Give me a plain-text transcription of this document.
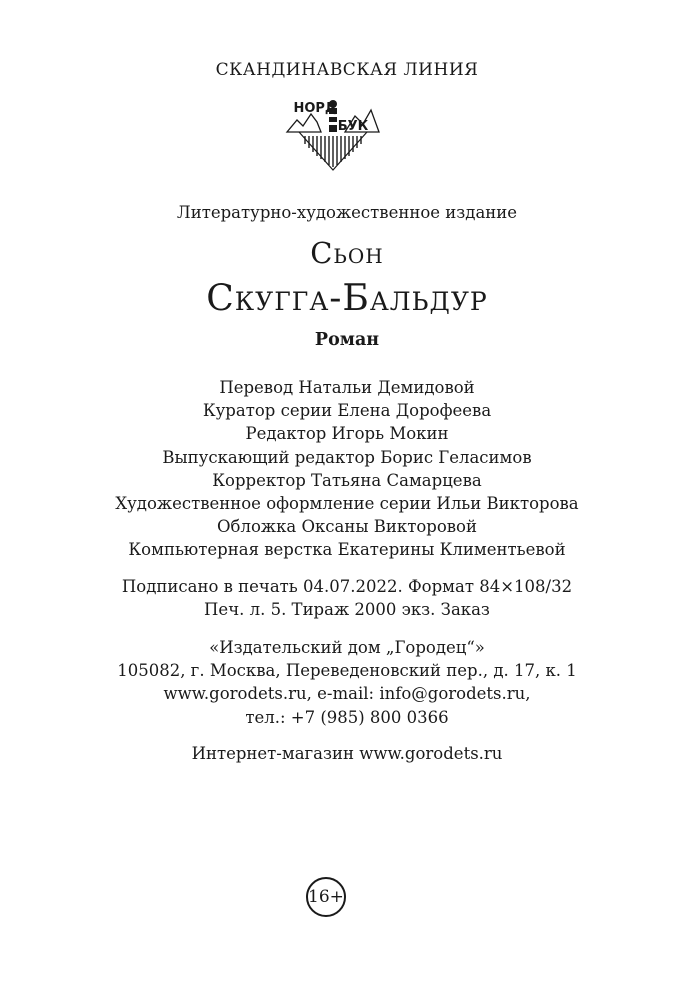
СКАНДИНАВСКАЯ ЛИНИЯ
НОРД
БУК
Литературно-художественное издание
Сьон
Скугга-Бальдур
Роман
Перевод Натальи Демидовой
Куратор серии Елена Дорофеева
Редактор Игорь Мокин
Выпускающий редактор Борис Геласимов
Корректор Татьяна Самарцева
Художественное оформление серии Ильи Викторова
Обложка Оксаны Викторовой
Компьютерная верстка Екатерины Климентьевой
Подписано в печать 04.07.2022. Формат 84×108/32
Печ. л. 5. Тираж 2000 экз. Заказ
«Издательский дом „Городец“»
105082, г. Москва, Переведеновский пер., д. 17, к. 1
www.gorodets.ru, e-mail: info@gorodets.ru,
тел.: +7 (985) 800 0366
Интернет-магазин www.gorodets.ru
16+
